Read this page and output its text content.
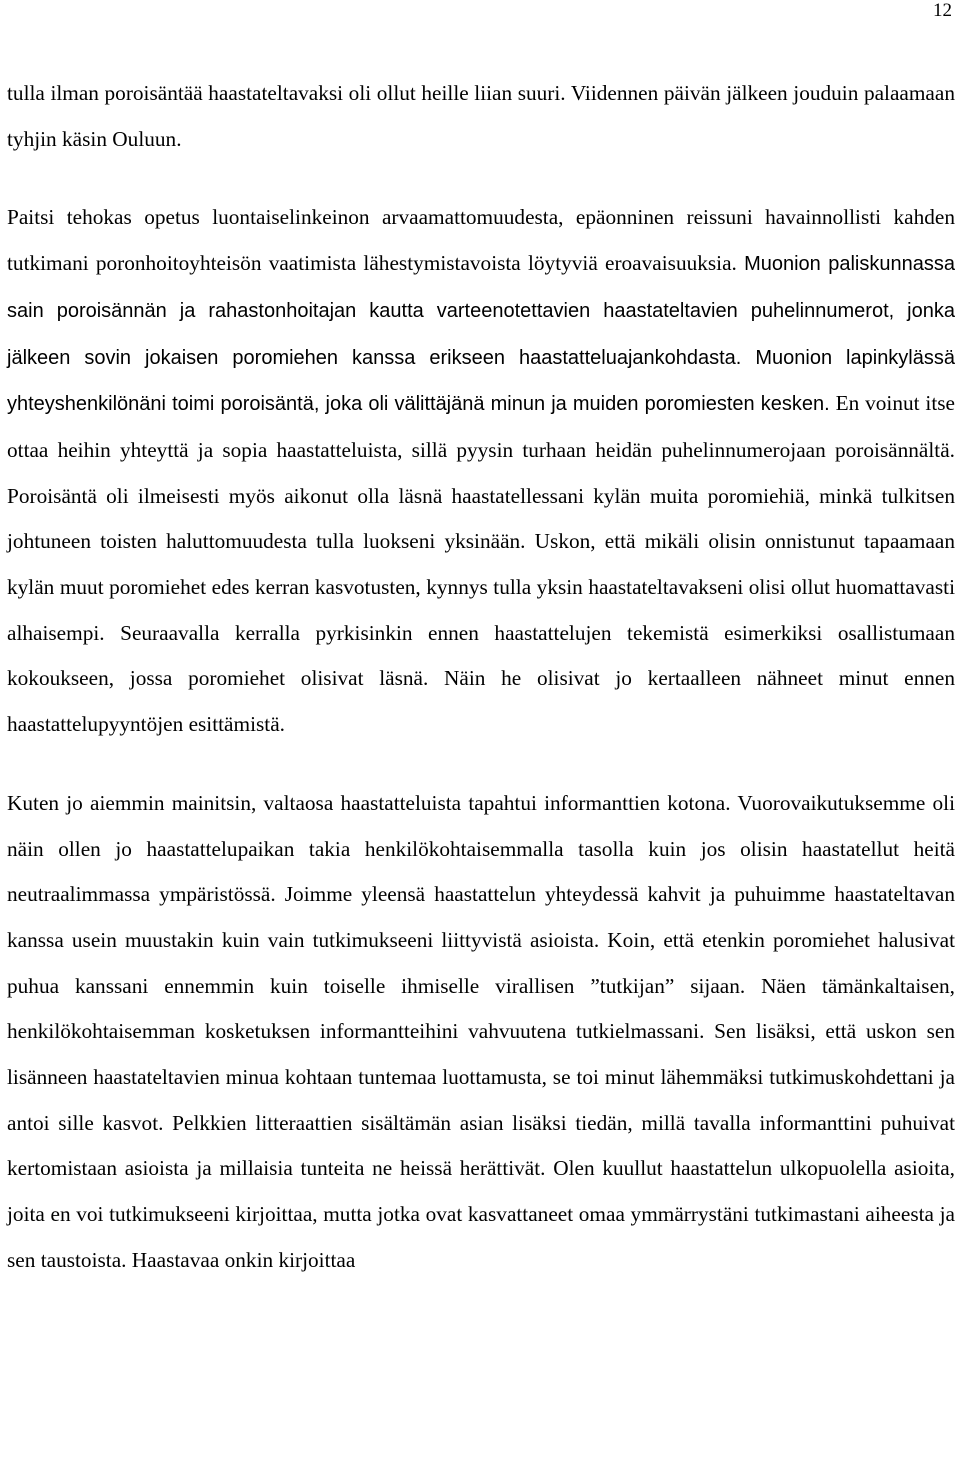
12

tulla ilman poroisäntää haastateltavaksi oli ollut heille liian suuri. Viidennen päivän jälkeen jouduin palaamaan tyhjin käsin Ouluun.

Paitsi tehokas opetus luontaiselinkeinon arvaamattomuudesta, epäonninen reissuni havainnollisti kahden tutkimani poronhoitoyhteisön vaatimista lähestymistavoista löytyviä eroavaisuuksia. Muonion paliskunnassa sain poroisännän ja rahastonhoitajan kautta varteenotettavien haastateltavien puhelinnumerot, jonka jälkeen sovin jokaisen poromiehen kanssa erikseen haastatteluajankohdasta. Muonion lapinkylässä yhteyshenkilönäni toimi poroisäntä, joka oli välittäjänä minun ja muiden poromiesten kesken. En voinut itse ottaa heihin yhteyttä ja sopia haastatteluista, sillä pyysin turhaan heidän puhelinnumerojaan poroisännältä. Poroisäntä oli ilmeisesti myös aikonut olla läsnä haastatellessani kylän muita poromiehiä, minkä tulkitsen johtuneen toisten haluttomuudesta tulla luokseni yksinään. Uskon, että mikäli olisin onnistunut tapaamaan kylän muut poromiehet edes kerran kasvotusten, kynnys tulla yksin haastateltavakseni olisi ollut huomattavasti alhaisempi. Seuraavalla kerralla pyrkisinkin ennen haastattelujen tekemistä esimerkiksi osallistumaan kokoukseen, jossa poromiehet olisivat läsnä. Näin he olisivat jo kertaalleen nähneet minut ennen haastattelupyyntöjen esittämistä.

Kuten jo aiemmin mainitsin, valtaosa haastatteluista tapahtui informanttien kotona. Vuorovaikutuksemme oli näin ollen jo haastattelupaikan takia henkilökohtaisemmalla tasolla kuin jos olisin haastatellut heitä neutraalimmassa ympäristössä. Joimme yleensä haastattelun yhteydessä kahvit ja puhuimme haastateltavan kanssa usein muustakin kuin vain tutkimukseeni liittyvistä asioista. Koin, että etenkin poromiehet halusivat puhua kanssani ennemmin kuin toiselle ihmiselle virallisen ”tutkijan” sijaan. Näen tämänkaltaisen, henkilökohtaisemman kosketuksen informantteihini vahvuutena tutkielmassani. Sen lisäksi, että uskon sen lisänneen haastateltavien minua kohtaan tuntemaa luottamusta, se toi minut lähemmäksi tutkimuskohdettani ja antoi sille kasvot. Pelkkien litteraattien sisältämän asian lisäksi tiedän, millä tavalla informanttini puhuivat kertomistaan asioista ja millaisia tunteita ne heissä herättivät. Olen kuullut haastattelun ulkopuolella asioita, joita en voi tutkimukseeni kirjoittaa, mutta jotka ovat kasvattaneet omaa ymmärrystäni tutkimastani aiheesta ja sen taustoista. Haastavaa onkin kirjoittaa
